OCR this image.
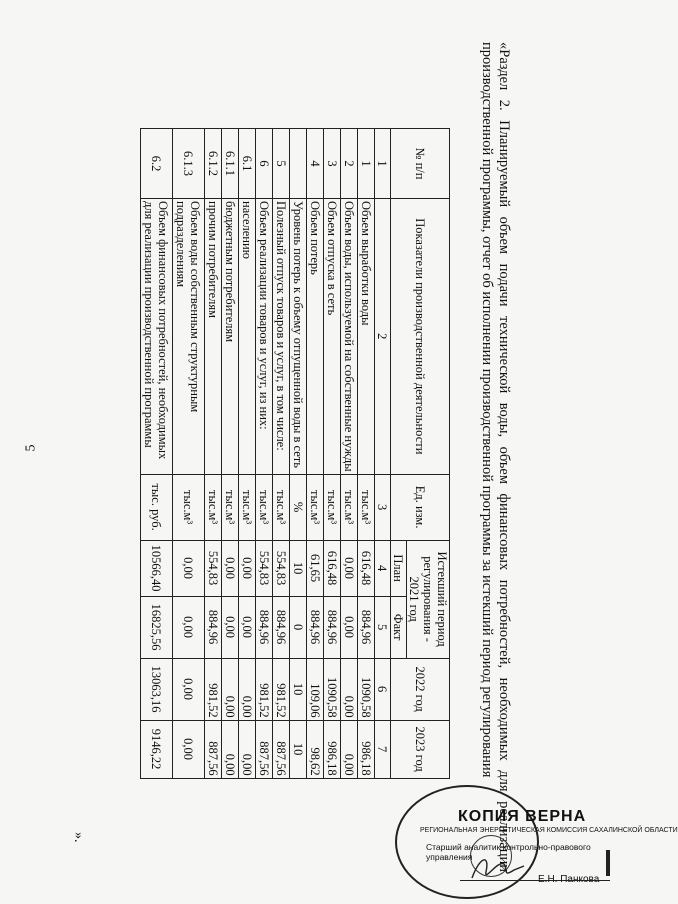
5	«Раздел 2. Планируемый объем подачи технической воды, объем финансовых потребностей, необходимых для реализации производственной программы, отчет об исполнении производственной программы за истекший период регулирования
№ п/п	Показатели производственной деятельности	Ед. изм.	Истекший период регулирования - 2021 год		2022 год	2023 год
			План	Факт		
1	2	3	4	5	6	7
1	Объем выработки воды	тыс.м³	616,48	884,96	1090,58	986,18
2	Объем воды, используемой на собственные нужды	тыс.м³	0,00	0,00	0,00	0,00
3	Объем отпуска в сеть	тыс.м³	616,48	884,96	1090,58	986,18
4	Объем потерь	тыс.м³	61,65	884,96	109,06	98,62
	Уровень потерь к объему отпущенной воды в сеть	%	10	0	10	10
5	Полезный отпуск товаров и услуг, в том числе:	тыс.м³	554,83	884,96	981,52	887,56
6	Объем реализации товаров и услуг, из них:	тыс.м³	554,83	884,96	981,52	887,56
6.1	населению	тыс.м³	0,00	0,00	0,00	0,00
6.1.1	бюджетным потребителям	тыс.м³	0,00	0,00	0,00	0,00
6.1.2	прочим потребителям	тыс.м³	554,83	884,96	981,52	887,56
6.1.3	Объем воды собственным структурным подразделениям	тыс.м³	0,00	0,00	0,00	0,00
6.2	Объем финансовых потребностей, необходимых для реализации производственной программы	тыс. руб.	10566,40	16825,56	13063,16	9146,22
».
КОПИЯ ВЕРНА
РЕГИОНАЛЬНАЯ ЭНЕРГЕТИЧЕСКАЯ КОМИССИЯ САХАЛИНСКОЙ ОБЛАСТИ
Старший аналитик контрольно-правового управления
Е.Н. Панкова
